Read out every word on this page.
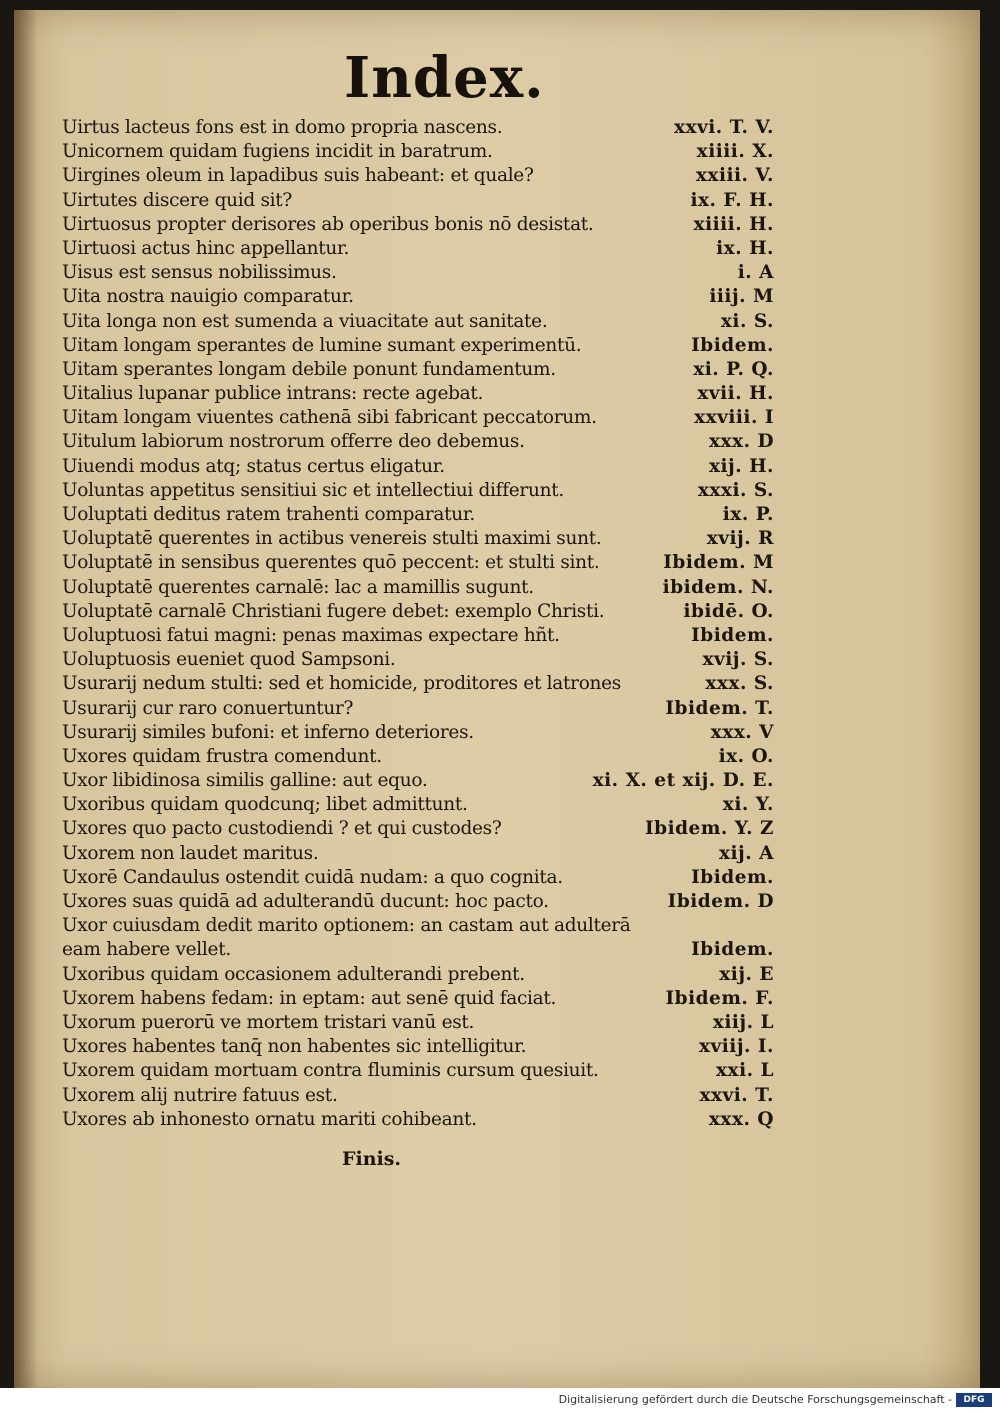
Index.
Uirtus lacteus fons est in domo propria nascens.	xxvi. T. V.
Unicornem quidam fugiens incidit in baratrum.	xiiii. X.
Uirgines oleum in lapadibus suis habeant: et quale?	xxiii. V.
Uirtutes discere quid sit?	ix. F. H.
Uirtuosus propter derisores ab operibus bonis nō desistat.	xiiii. H.
Uirtuosi actus hinc appellantur.	ix. H.
Uisus est sensus nobilissimus.	i. A
Uita nostra nauigio comparatur.	iiij. M
Uita longa non est sumenda a viuacitate aut sanitate.	xi. S.
Uitam longam sperantes de lumine sumant experimentū.	Ibidem.
Uitam sperantes longam debile ponunt fundamentum.	xi. P. Q.
Uitalius lupanar publice intrans: recte agebat.	xvii. H.
Uitam longam viuentes cathenā sibi fabricant peccatorum.	xxviii. I
Uitulum labiorum nostrorum offerre deo debemus.	xxx. D
Uiuendi modus atq; status certus eligatur.	xij. H.
Uoluntas appetitus sensitiui sic et intellectiui differunt.	xxxi. S.
Uoluptati deditus ratem trahenti comparatur.	ix. P.
Uoluptatē querentes in actibus venereis stulti maximi sunt.	xvij. R
Uoluptatē in sensibus querentes quō peccent: et stulti sint.	Ibidem. M
Uoluptatē querentes carnalē: lac a mamillis sugunt.	ibidem. N.
Uoluptatē carnalē Christiani fugere debet: exemplo Christi.	ibidē. O.
Uoluptuosi fatui magni: penas maximas expectare hñt.	Ibidem.
Uoluptuosis eueniet quod Sampsoni.	xvij. S.
Usurarij nedum stulti: sed et homicide, proditores et latrones	xxx. S.
Usurarij cur raro conuertuntur?	Ibidem. T.
Usurarij similes bufoni: et inferno deteriores.	xxx. V
Uxores quidam frustra comendunt.	ix. O.
Uxor libidinosa similis galline: aut equo.	xi. X. et xij. D. E.
Uxoribus quidam quodcunq; libet admittunt.	xi. Y.
Uxores quo pacto custodiendi ? et qui custodes?	Ibidem. Y. Z
Uxorem non laudet maritus.	xij. A
Uxorē Candaulus ostendit cuidā nudam: a quo cognita.	Ibidem.
Uxores suas quidā ad adulterandū ducunt: hoc pacto.	Ibidem. D
Uxor cuiusdam dedit marito optionem: an castam aut adulterā eam habere vellet.	Ibidem.
Uxoribus quidam occasionem adulterandi prebent.	xij. E
Uxorem habens fedam: in eptam: aut senē quid faciat.	Ibidem. F.
Uxorum puerorū ve mortem tristari vanū est.	xiij. L
Uxores habentes tanq̄ non habentes sic intelligitur.	xviij. I.
Uxorem quidam mortuam contra fluminis cursum quesiuit.	xxi. L
Uxorem alij nutrire fatuus est.	xxvi. T.
Uxores ab inhonesto ornatu mariti cohibeant.	xxx. Q
Finis.
Digitalisierung gefördert durch die Deutsche Forschungsgemeinschaft -	DFG
